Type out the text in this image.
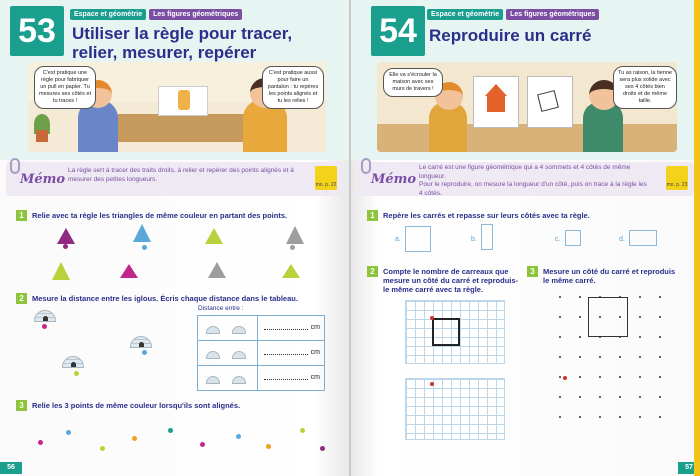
53	Espace et géométrie	Les figures géométriques
Utiliser la règle pour tracer,
relier, mesurer, repérer
C'est pratique une règle pour fabriquer un pull en papier. Tu mesures ses côtés et tu traces !
C'est pratique aussi pour faire un pantalon : tu repères les points alignés et tu les relies !
Mémo
La règle sert à tracer des traits droits, à relier et repérer des points alignés et à mesurer des petites longueurs.
mo. p. 22
1	Relie avec ta règle les triangles de même couleur en partant des points.
2	Mesure la distance entre les iglous. Écris chaque distance dans le tableau.
Distance entre :
cm
cm
cm
3	Relie les 3 points de même couleur lorsqu'ils sont alignés.
56
54	Espace et géométrie	Les figures géométriques
Reproduire un carré
Elle va s'écrouler la maison avec ses murs de travers !
Tu as raison, la tienne sera plus solide avec ses 4 côtés bien droits et de même taille.
Mémo
Le carré est une figure géométrique qui a 4 sommets et 4 côtés de même longueur.
Pour le reproduire, on mesure la longueur d'un côté, puis on trace à la règle les 4 côtés.
mo. p. 23
1	Repère les carrés et repasse sur leurs côtés avec ta règle.
a.	b.	c.	d.
2	Compte le nombre de carreaux que mesure un côté du carré et reproduis-le même carré avec ta règle.
3	Mesure un côté du carré et reproduis le même carré.
57
